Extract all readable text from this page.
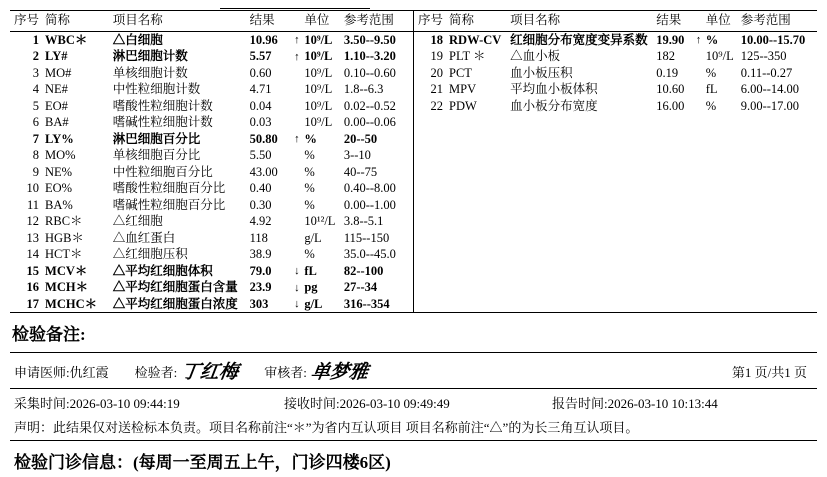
序号	简称	项目名称	结果		单位	参考范围
1	WBC＊	△白细胞	10.96	↑	10⁹/L	3.50--9.50
2	LY#	淋巴细胞计数	5.57	↑	10⁹/L	1.10--3.20
3	MO#	单核细胞计数	0.60		10⁹/L	0.10--0.60
4	NE#	中性粒细胞计数	4.71		10⁹/L	1.8--6.3
5	EO#	嗜酸性粒细胞计数	0.04		10⁹/L	0.02--0.52
6	BA#	嗜碱性粒细胞计数	0.03		10⁹/L	0.00--0.06
7	LY%	淋巴细胞百分比	50.80	↑	%	20--50
8	MO%	单核细胞百分比	5.50		%	3--10
9	NE%	中性粒细胞百分比	43.00		%	40--75
10	EO%	嗜酸性粒细胞百分比	0.40		%	0.40--8.00
11	BA%	嗜碱性粒细胞百分比	0.30		%	0.00--1.00
12	RBC＊	△红细胞	4.92		10¹²/L	3.8--5.1
13	HGB＊	△血红蛋白	118		g/L	115--150
14	HCT＊	△红细胞压积	38.9		%	35.0--45.0
15	MCV＊	△平均红细胞体积	79.0	↓	fL	82--100
16	MCH＊	△平均红细胞蛋白含量	23.9	↓	pg	27--34
17	MCHC＊	△平均红细胞蛋白浓度	303	↓	g/L	316--354
序号	简称	项目名称	结果		单位	参考范围
18	RDW-CV	红细胞分布宽度变异系数	19.90	↑	%	10.00--15.70
19	PLT ＊	△血小板	182		10⁹/L	125--350
20	PCT	血小板压积	0.19		%	0.11--0.27
21	MPV	平均血小板体积	10.60		fL	6.00--14.00
22	PDW	血小板分布宽度	16.00		%	9.00--17.00
检验备注:
申请医师: 仇红霞 检验者: 丁红梅 审核者: 单梦雅	第1 页/共1 页
采集时间:2026-03-10 09:44:19	接收时间:2026-03-10 09:49:49	报告时间:2026-03-10 10:13:44
声明：此结果仅对送检标本负责。项目名称前注“＊”为省内互认项目 项目名称前注“△”的为长三角互认项目。
检验门诊信息：(每周一至周五上午，门诊四楼6区)
